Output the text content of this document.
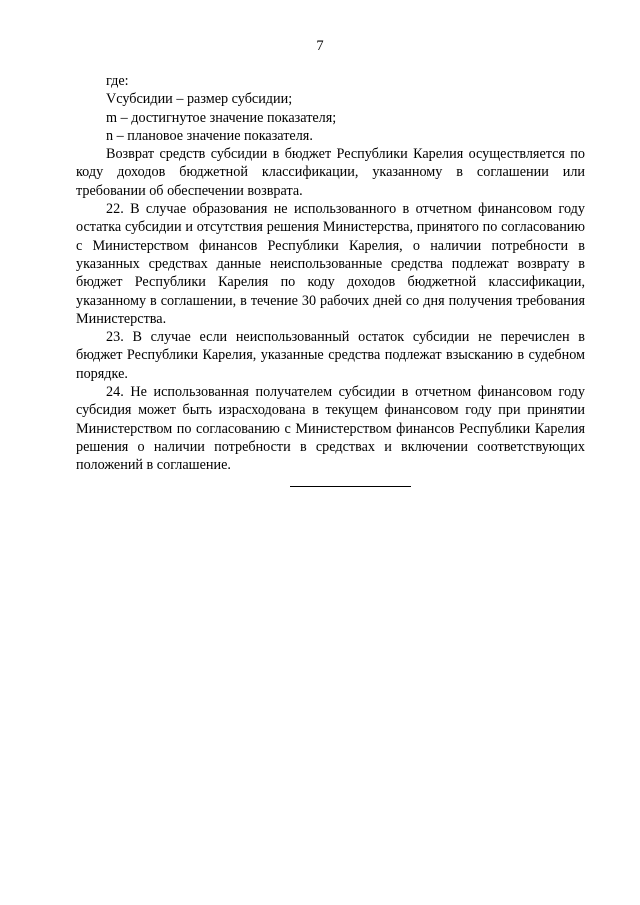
7

где:

Vсубсидии – размер субсидии;

m – достигнутое значение показателя;

n – плановое значение показателя.

Возврат средств субсидии в бюджет Республики Карелия осуществляется по коду доходов бюджетной классификации, указанному в соглашении или требовании об обеспечении возврата.

22. В случае образования не использованного в отчетном финансовом году остатка субсидии и отсутствия решения Министерства, принятого по согласованию с Министерством финансов Республики Карелия, о наличии потребности в указанных средствах данные неиспользованные средства подлежат возврату в бюджет Республики Карелия по коду доходов бюджетной классификации, указанному в соглашении, в течение 30 рабочих дней со дня получения требования Министерства.

23. В случае если неиспользованный остаток субсидии не перечислен в бюджет Республики Карелия, указанные средства подлежат взысканию в судебном порядке.

24. Не использованная получателем субсидии в отчетном финансовом году субсидия может быть израсходована в текущем финансовом году при принятии Министерством по согласованию с Министерством финансов Республики Карелия решения о наличии потребности в средствах и включении соответствующих положений в соглашение.
